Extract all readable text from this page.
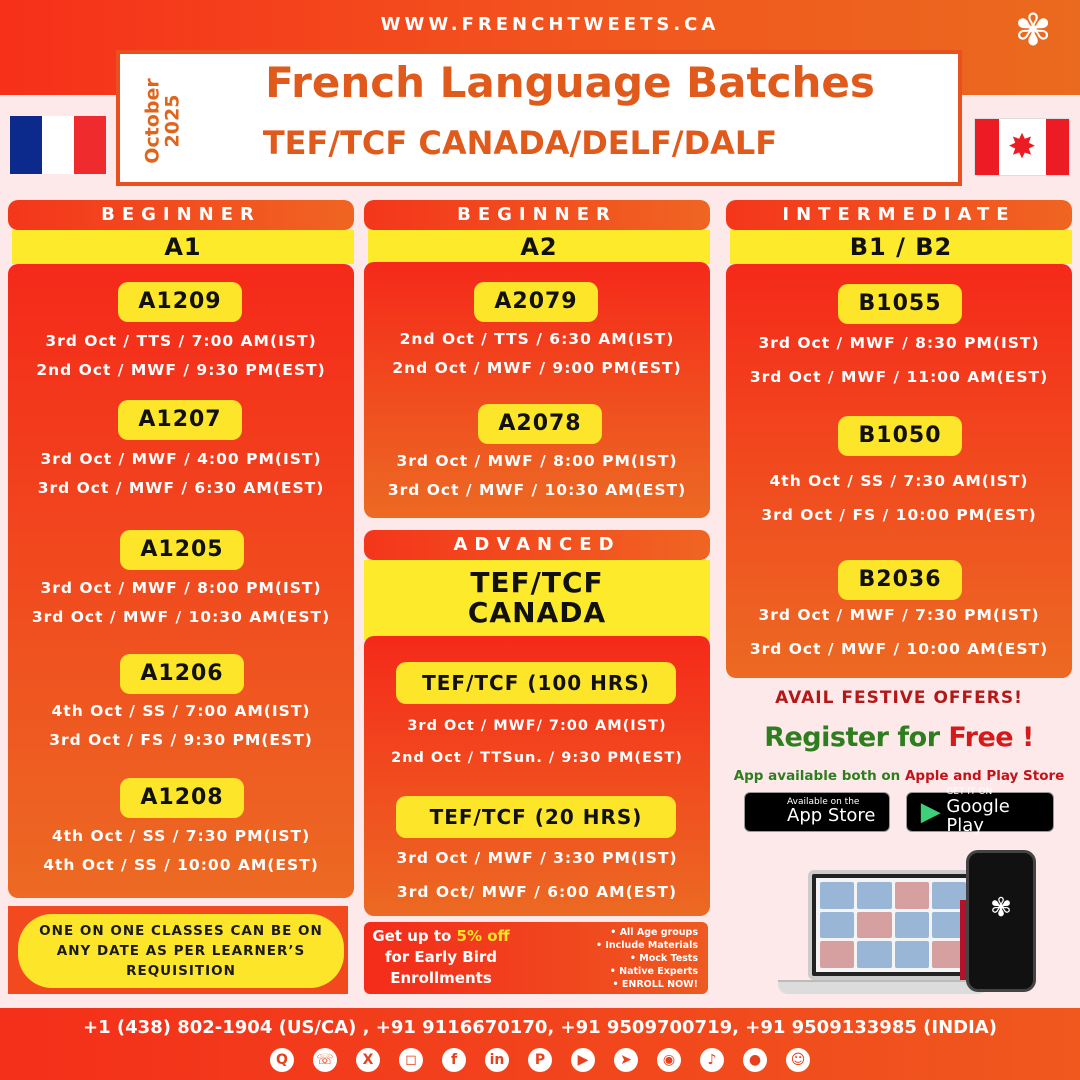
WWW.FRENCHTWEETS.CA	✾
✸
October
2025
French Language Batches
TEF/TCF CANADA/DELF/DALF
BEGINNER
A1
A1209
3rd Oct / TTS / 7:00 AM(IST)
2nd Oct / MWF / 9:30 PM(EST)
A1207
3rd Oct / MWF / 4:00 PM(IST)
3rd Oct / MWF / 6:30 AM(EST)
A1205
3rd Oct / MWF / 8:00 PM(IST)
3rd Oct / MWF / 10:30 AM(EST)
A1206
4th Oct / SS / 7:00 AM(IST)
3rd Oct / FS / 9:30 PM(EST)
A1208
4th Oct / SS / 7:30 PM(IST)
4th Oct / SS / 10:00 AM(EST)
BEGINNER
A2
A2079
2nd Oct / TTS / 6:30 AM(IST)
2nd Oct / MWF / 9:00 PM(EST)
A2078
3rd Oct / MWF / 8:00 PM(IST)
3rd Oct / MWF / 10:30 AM(EST)
ADVANCED
TEF/TCF
CANADA
TEF/TCF (100 HRS)
3rd Oct / MWF/ 7:00 AM(IST)
2nd Oct / TTSun. / 9:30 PM(EST)
TEF/TCF (20 HRS)
3rd Oct / MWF / 3:30 PM(IST)
3rd Oct/ MWF / 6:00 AM(EST)
INTERMEDIATE
B1 / B2
B1055
3rd Oct / MWF / 8:30 PM(IST)
3rd Oct / MWF / 11:00 AM(EST)
B1050
4th Oct / SS / 7:30 AM(IST)
3rd Oct / FS / 10:00 PM(EST)
B2036
3rd Oct / MWF / 7:30 PM(IST)
3rd Oct / MWF / 10:00 AM(EST)
AVAIL FESTIVE OFFERS!
Register for Free !
App available both on Apple and Play Store
Available on the
App Store ▶
GET IT ON
Google Play
✾
ONE ON ONE CLASSES CAN BE ON ANY DATE AS PER LEARNER’S REQUISITION
Get up to 5% off
for Early Bird
Enrollments
• All Age groups
• Include Materials
• Mock Tests
• Native Experts
• ENROLL NOW!
+1 (438) 802-1904 (US/CA) , +91 9116670170, +91 9509700719, +91 9509133985 (INDIA)
Q	☏	X	◻	f	in	P	▶	➤	◉	♪	●	☺
